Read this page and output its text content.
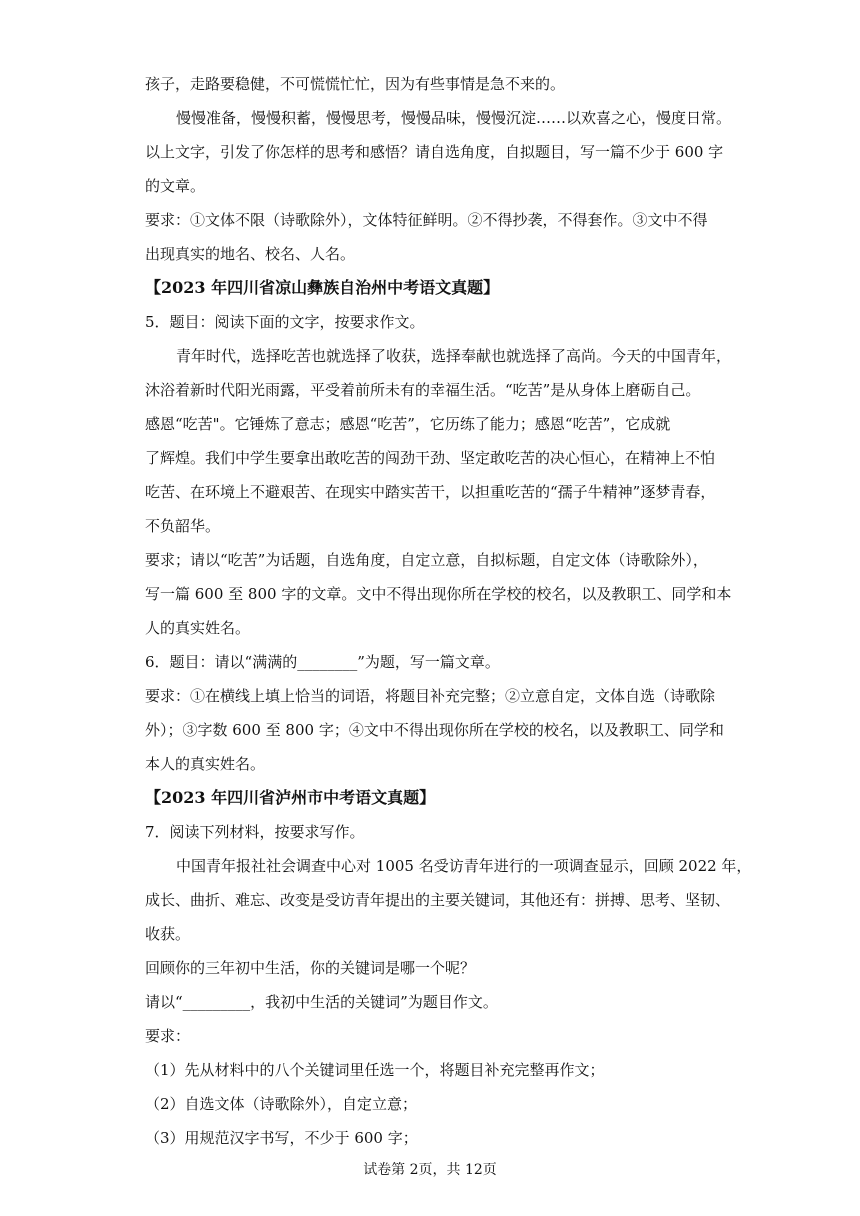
孩子，走路要稳健，不可慌慌忙忙，因为有些事情是急不来的。
慢慢准备，慢慢积蓄，慢慢思考，慢慢品味，慢慢沉淀……以欢喜之心，慢度日常。
以上文字，引发了你怎样的思考和感悟？请自选角度，自拟题目，写一篇不少于 600 字
的文章。
要求：①文体不限（诗歌除外），文体特征鲜明。②不得抄袭，不得套作。③文中不得
出现真实的地名、校名、人名。
【2023 年四川省凉山彝族自治州中考语文真题】
5．题目：阅读下面的文字，按要求作文。
青年时代，选择吃苦也就选择了收获，选择奉献也就选择了高尚。今天的中国青年，
沐浴着新时代阳光雨露，平受着前所未有的幸福生活。“吃苦”是从身体上磨砺自己。
感恩“吃苦"。它锤炼了意志；感恩“吃苦”，它历练了能力；感恩“吃苦”，它成就
了辉煌。我们中学生要拿出敢吃苦的闯劲干劲、坚定敢吃苦的决心恒心，在精神上不怕
吃苦、在环境上不避艰苦、在现实中踏实苦干，以担重吃苦的“孺子牛精神”逐梦青春，
不负韶华。
要求；请以“吃苦”为话题，自选角度，自定立意，自拟标题，自定文体（诗歌除外），
写一篇 600 至 800 字的文章。文中不得出现你所在学校的校名，以及教职工、同学和本
人的真实姓名。
6．题目：请以“满满的________”为题，写一篇文章。
要求：①在横线上填上恰当的词语，将题目补充完整；②立意自定，文体自选（诗歌除
外）；③字数 600 至 800 字；④文中不得出现你所在学校的校名，以及教职工、同学和
本人的真实姓名。
【2023 年四川省泸州市中考语文真题】
7．阅读下列材料，按要求写作。
中国青年报社社会调查中心对 1005 名受访青年进行的一项调查显示，回顾 2022 年，
成长、曲折、难忘、改变是受访青年提出的主要关键词，其他还有：拼搏、思考、坚韧、
收获。
回顾你的三年初中生活，你的关键词是哪一个呢？
请以“_________，我初中生活的关键词”为题目作文。
要求：
（1）先从材料中的八个关键词里任选一个，将题目补充完整再作文；
（2）自选文体（诗歌除外），自定立意；
（3）用规范汉字书写，不少于 600 字；
试卷第 2页，共 12页
